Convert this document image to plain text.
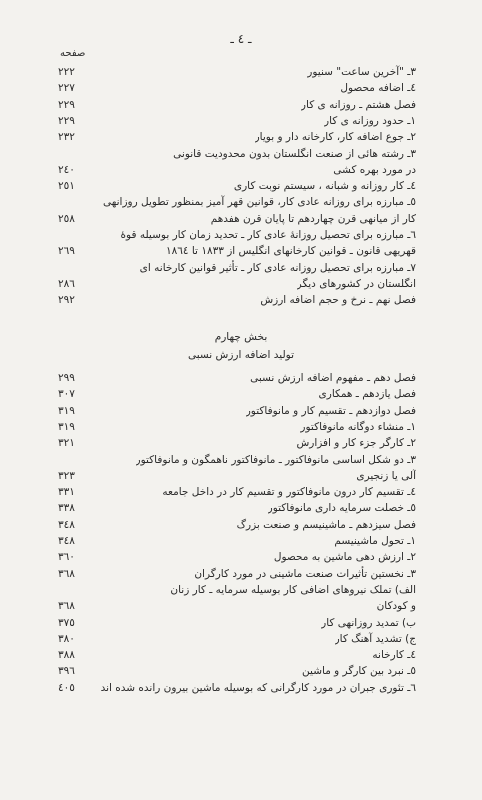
ـ ٤ ـ
صفحه
٢٢٢	٣ـ "آخرین ساعت" سنیور
٢٢٧	٤ـ اضافه محصول
٢٢٩	فصل هشتم ـ روزانه ی کار
٢٢٩	١ـ حدود روزانه ی کار
٢٣٢	٢ـ جوع اضافه کار، کارخانه دار و بویار
٣ـ رشته هائی از صنعت انگلستان بدون محدودیت قانونی
٢٤٠	در مورد بهره کشی
٢٥١	٤ـ کار روزانه و شبانه ، سیستم نوبت کاری
٥ـ مبارزه برای روزانه عادی کار، قوانین قهر آمیز بمنظور تطویل روزانهی
٢٥٨	کار از میانهی قرن چهاردهم تا پایان قرن هفدهم
٦ـ مبارزه برای تحصیل روزانهٔ عادی کار ـ تحدید زمان کار بوسیله قوهٔ
٢٦٩	قهریهی قانون ـ قوانین کارخانهای انگلیس از ١٨٣٣ تا ١٨٦٤
٧ـ مبارزه برای تحصیل روزانه عادی کار ـ تأثیر قوانین کارخانه ای
٢٨٦	انگلستان در کشورهای دیگر
٢٩٢	فصل نهم ـ نرخ و حجم اضافه ارزش
بخش چهارم
تولید اضافه ارزش نسبی
٢٩٩	فصل دهم ـ مفهوم اضافه ارزش نسبی
٣٠٧	فصل یازدهم ـ همکاری
٣١٩	فصل دوازدهم ـ تقسیم کار و مانوفاکتور
٣١٩	١ـ منشاء دوگانه مانوفاکتور
٣٢١	٢ـ کارگر جزء کار و افزارش
٣ـ دو شکل اساسی مانوفاکتور ـ مانوفاکتور ناهمگون و مانوفاکتور
٣٢٣	آلی یا زنجیری
٣٣١	٤ـ تقسیم کار درون مانوفاکتور و تقسیم کار در داخل جامعه
٣٣٨	٥ـ خصلت سرمایه داری مانوفاکتور
٣٤٨	فصل سیزدهم ـ ماشینیسم و صنعت بزرگ
٣٤٨	١ـ تحول ماشینیسم
٣٦٠	٢ـ ارزش دهی ماشین به محصول
٣٦٨	٣ـ نخستین تأثیرات صنعت ماشینی در مورد کارگران
الف) تملک نیروهای اضافی کار بوسیله سرمایه ـ کار زنان
٣٦٨	و کودکان
٣٧٥	ب) تمدید روزانهی کار
٣٨٠	ج) تشدید آهنگ کار
٣٨٨	٤ـ کارخانه
٣٩٦	٥ـ نبرد بین کارگر و ماشین
٤٠٥	٦ـ تئوری جبران در مورد کارگرانی که بوسیله ماشین بیرون رانده شده اند
